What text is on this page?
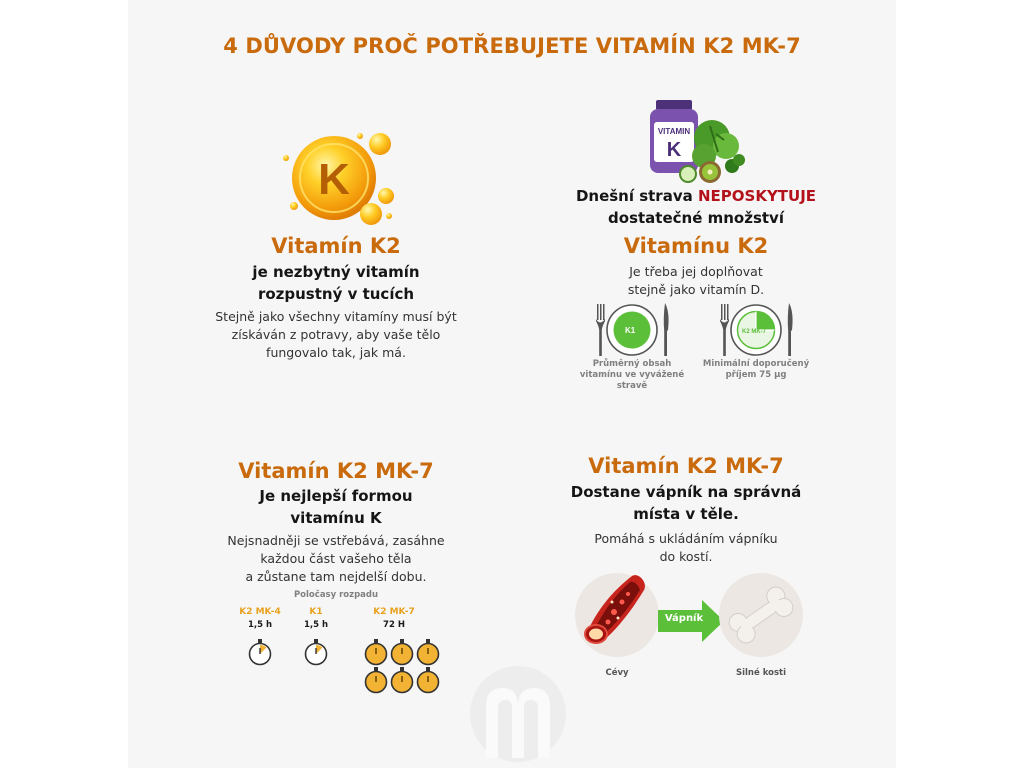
4 DŮVODY PROČ POTŘEBUJETE VITAMÍN K2 MK-7
K
Vitamín K2
je nezbytný vitamín
rozpustný v tucích
Stejně jako všechny vitamíny musí být
získáván z potravy, aby vaše tělo
fungovalo tak, jak má.
VITAMIN
K
Dnešní strava NEPOSKYTUJE
dostatečné množství
Vitamínu K2
Je třeba jej doplňovat
stejně jako vitamín D.
K1	K2 MK-7
Průměrný obsah
vitamínu ve vyvážené
stravě
Minimální doporučený
příjem 75 µg
Vitamín K2 MK-7
Je nejlepší formou
vitamínu K
Nejsnadněji se vstřebává, zasáhne
každou část vašeho těla
a zůstane tam nejdelší dobu.
Poločasy rozpadu
K2 MK-4
1,5 h
K1
1,5 h
K2 MK-7
72 H
Vitamín K2 MK-7
Dostane vápník na správná
místa v těle.
Pomáhá s ukládáním vápníku
do kostí.
Vápník
Cévy	Silné kosti
